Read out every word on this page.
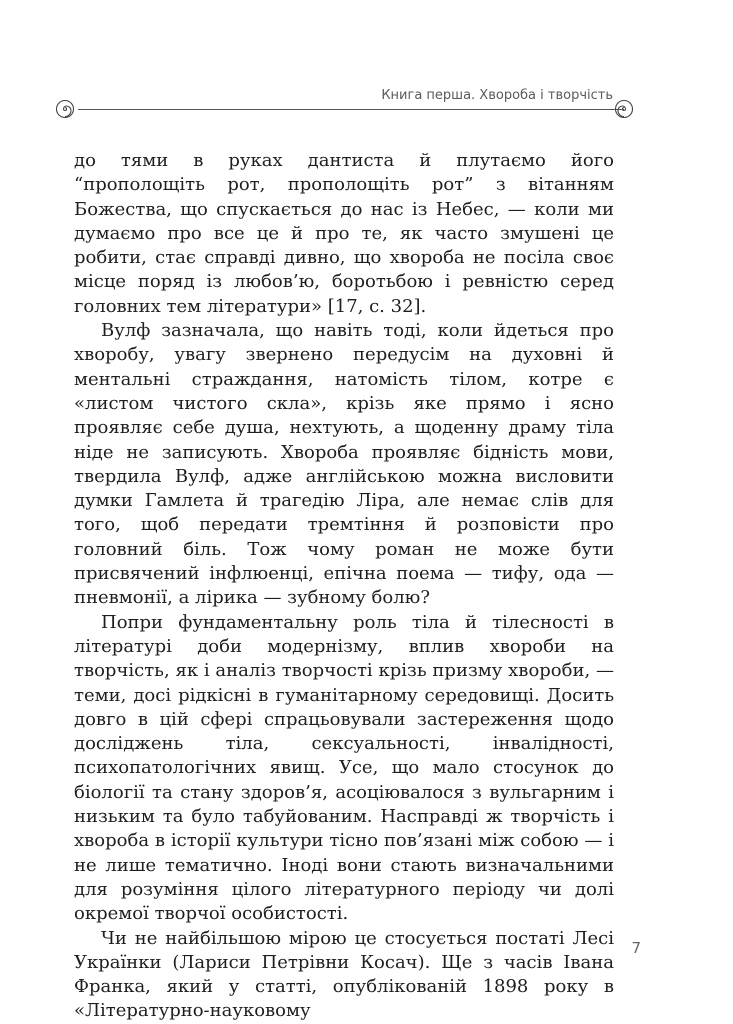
Книга перша. Хвороба і творчість

до тями в руках дантиста й плутаємо його “прополощіть рот, прополощіть рот” з вітанням Божества, що спускається до нас із Небес, — коли ми думаємо про все це й про те, як часто змушені це робити, стає справді дивно, що хвороба не посіла своє місце поряд із любов’ю, боротьбою і ревністю серед головних тем літератури» [17, с. 32].

Вулф зазначала, що навіть тоді, коли йдеться про хворобу, увагу звернено передусім на духовні й ментальні страждання, натомість тілом, котре є «листом чистого скла», крізь яке прямо і ясно проявляє себе душа, нехтують, а щоденну драму тіла ніде не записують. Хвороба проявляє бідність мови, твердила Вулф, адже англійською можна висловити думки Гамлета й трагедію Ліра, але немає слів для того, щоб передати тремтіння й розповісти про головний біль. Тож чому роман не може бути присвячений інфлюенці, епічна поема — тифу, ода — пневмонії, а лірика — зубному болю?

Попри фундаментальну роль тіла й тілесності в літературі доби модернізму, вплив хвороби на творчість, як і аналіз творчості крізь призму хвороби, — теми, досі рідкісні в гуманітарному середовищі. Досить довго в цій сфері спрацьовували застереження щодо досліджень тіла, сексуальності, інвалідності, психопатологічних явищ. Усе, що мало стосунок до біології та стану здоров’я, асоціювалося з вульгарним і низьким та було табуйованим. Насправді ж творчість і хвороба в історії культури тісно пов’язані між собою — і не лише тематично. Іноді вони стають визначальними для розуміння цілого літературного періоду чи долі окремої творчої особистості.

Чи не найбільшою мірою це стосується постаті Лесі Українки (Лариси Петрівни Косач). Ще з часів Івана Франка, який у статті, опублікованій 1898 року в «Літературно-науковому

7
